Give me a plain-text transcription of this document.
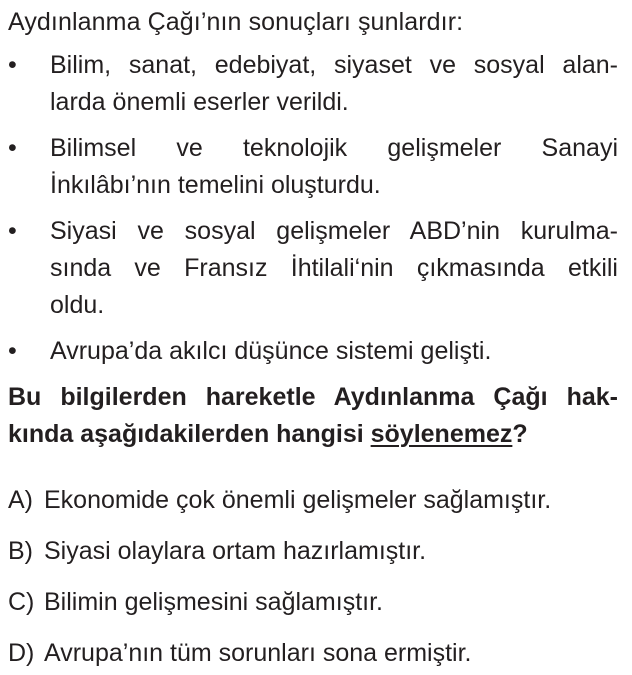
Aydınlanma Çağı’nın sonuçları şunlardır:

•	Bilim, sanat, edebiyat, siyaset ve sosyal alan-
larda önemli eserler verildi.
•	Bilimsel ve teknolojik gelişmeler Sanayi
İnkılâbı’nın temelini oluşturdu.
•	Siyasi ve sosyal gelişmeler ABD’nin kurulma-
sında ve Fransız İhtilali‘nin çıkmasında etkili
oldu.
•	Avrupa’da akılcı düşünce sistemi gelişti.
Bu bilgilerden hareketle Aydınlanma Çağı hak-
kında aşağıdakilerden hangisi söylenemez?
A) Ekonomide çok önemli gelişmeler sağlamıştır.
B) Siyasi olaylara ortam hazırlamıştır.
C) Bilimin gelişmesini sağlamıştır.
D) Avrupa’nın tüm sorunları sona ermiştir.
